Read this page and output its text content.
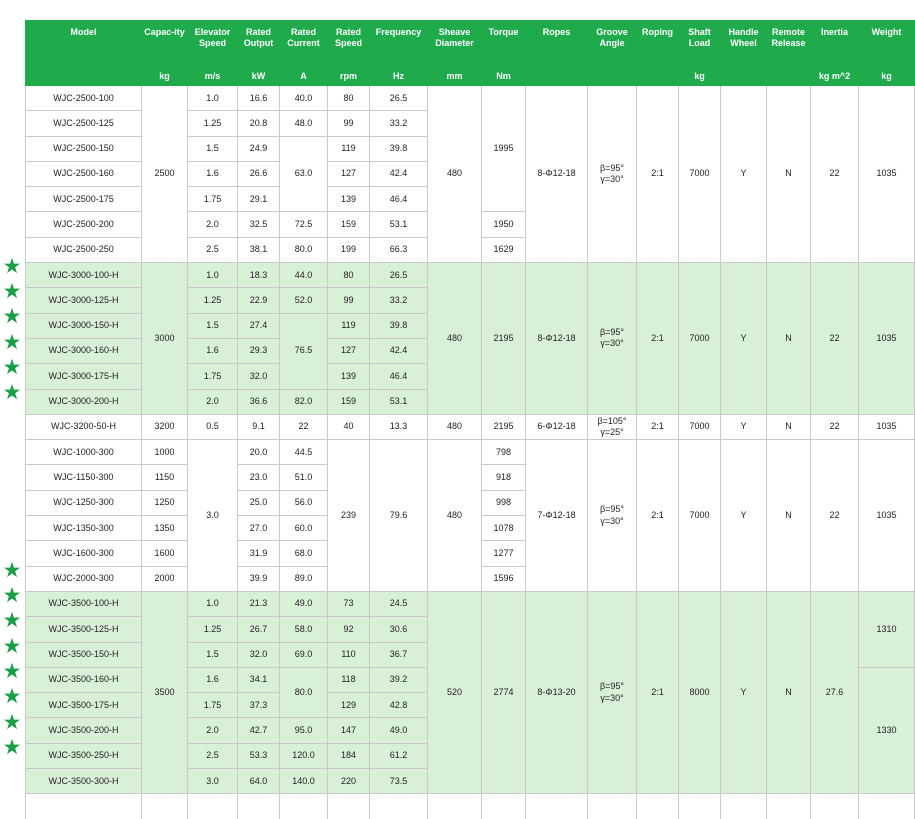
★
★
★
★
★
★
★
★
★
★
★
★
★
★
Model	Capac-ity	Elevator Speed	Rated Output	Rated Current	Rated Speed	Frequency	Sheave Diameter	Torque	Ropes	Groove Angle	Roping	Shaft Load	Handle Wheel	Remote Release	Inertia	Weight
	kg	m/s	kW	A	rpm	Hz	mm	Nm				kg			kg m^2	kg
WJC-2500-100	2500	1.0	16.6	40.0	80	26.5	480	1995	8-Φ12-18	β=95°
γ=30°	2:1	7000	Y	N	22	1035
WJC-2500-125		1.25	20.8	48.0	99	33.2										
WJC-2500-150		1.5	24.9	63.0	119	39.8										
WJC-2500-160		1.6	26.6		127	42.4										
WJC-2500-175		1.75	29.1		139	46.4										
WJC-2500-200		2.0	32.5	72.5	159	53.1		1950								
WJC-2500-250		2.5	38.1	80.0	199	66.3		1629								
WJC-3000-100-H	3000	1.0	18.3	44.0	80	26.5	480	2195	8-Φ12-18	β=95°
γ=30°	2:1	7000	Y	N	22	1035
WJC-3000-125-H		1.25	22.9	52.0	99	33.2										
WJC-3000-150-H		1.5	27.4	76.5	119	39.8										
WJC-3000-160-H		1.6	29.3		127	42.4										
WJC-3000-175-H		1.75	32.0		139	46.4										
WJC-3000-200-H		2.0	36.6	82.0	159	53.1										
WJC-3200-50-H	3200	0.5	9.1	22	40	13.3	480	2195	6-Φ12-18	β=105°
γ=25°	2:1	7000	Y	N	22	1035
WJC-1000-300	1000	3.0	20.0	44.5	239	79.6	480	798	7-Φ12-18	β=95°
γ=30°	2:1	7000	Y	N	22	1035
WJC-1150-300	1150		23.0	51.0				918								
WJC-1250-300	1250		25.0	56.0				998								
WJC-1350-300	1350		27.0	60.0				1078								
WJC-1600-300	1600		31.9	68.0				1277								
WJC-2000-300	2000		39.9	89.0				1596								
WJC-3500-100-H	3500	1.0	21.3	49.0	73	24.5	520	2774	8-Φ13-20	β=95°
γ=30°	2:1	8000	Y	N	27.6	1310
WJC-3500-125-H		1.25	26.7	58.0	92	30.6										
WJC-3500-150-H		1.5	32.0	69.0	110	36.7										
WJC-3500-160-H		1.6	34.1	80.0	118	39.2										1330
WJC-3500-175-H		1.75	37.3		129	42.8										
WJC-3500-200-H		2.0	42.7	95.0	147	49.0										
WJC-3500-250-H		2.5	53.3	120.0	184	61.2										
WJC-3500-300-H		3.0	64.0	140.0	220	73.5										
